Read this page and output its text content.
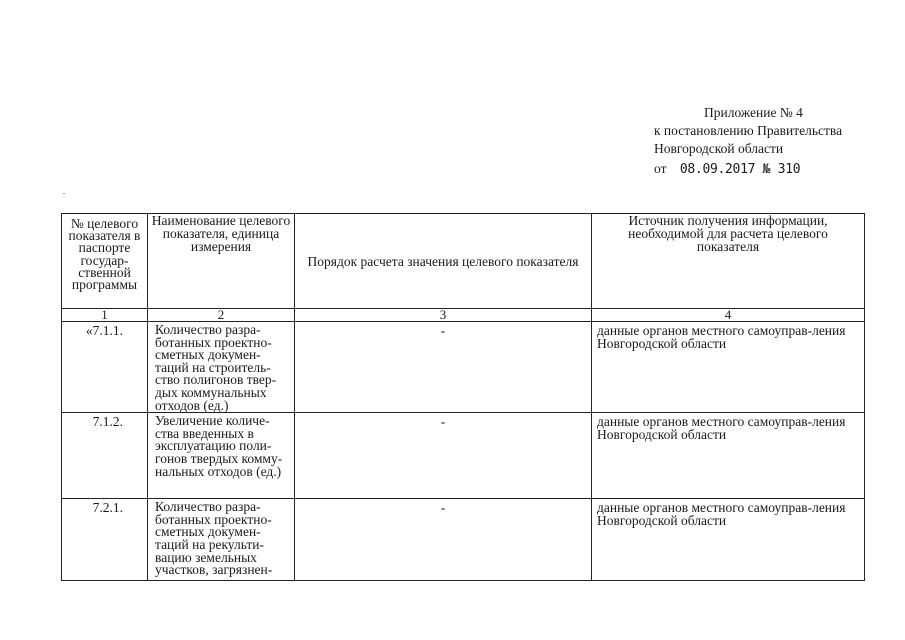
Приложение № 4
к постановлению Правительства
Новгородской области
от 08.09.2017 № 310
№ целевого показателя в паспорте государ-ственной программы	Наименование целевого показателя, единица измерения	Порядок расчета значения целевого показателя	Источник получения информации, необходимой для расчета целевого показателя
1	2	3	4
«7.1.1.	Количество разра-ботанных проектно-сметных докумен-таций на строитель-ство полигонов твер-дых коммунальных отходов (ед.)	-	данные органов местного самоуправ-ления Новгородской области
7.1.2.	Увеличение количе-ства введенных в эксплуатацию поли-гонов твердых комму-нальных отходов (ед.)	-	данные органов местного самоуправ-ления Новгородской области
7.2.1.	Количество разра-ботанных проектно-сметных докумен-таций на рекульти-вацию земельных участков, загрязнен-	-	данные органов местного самоуправ-ления Новгородской области
